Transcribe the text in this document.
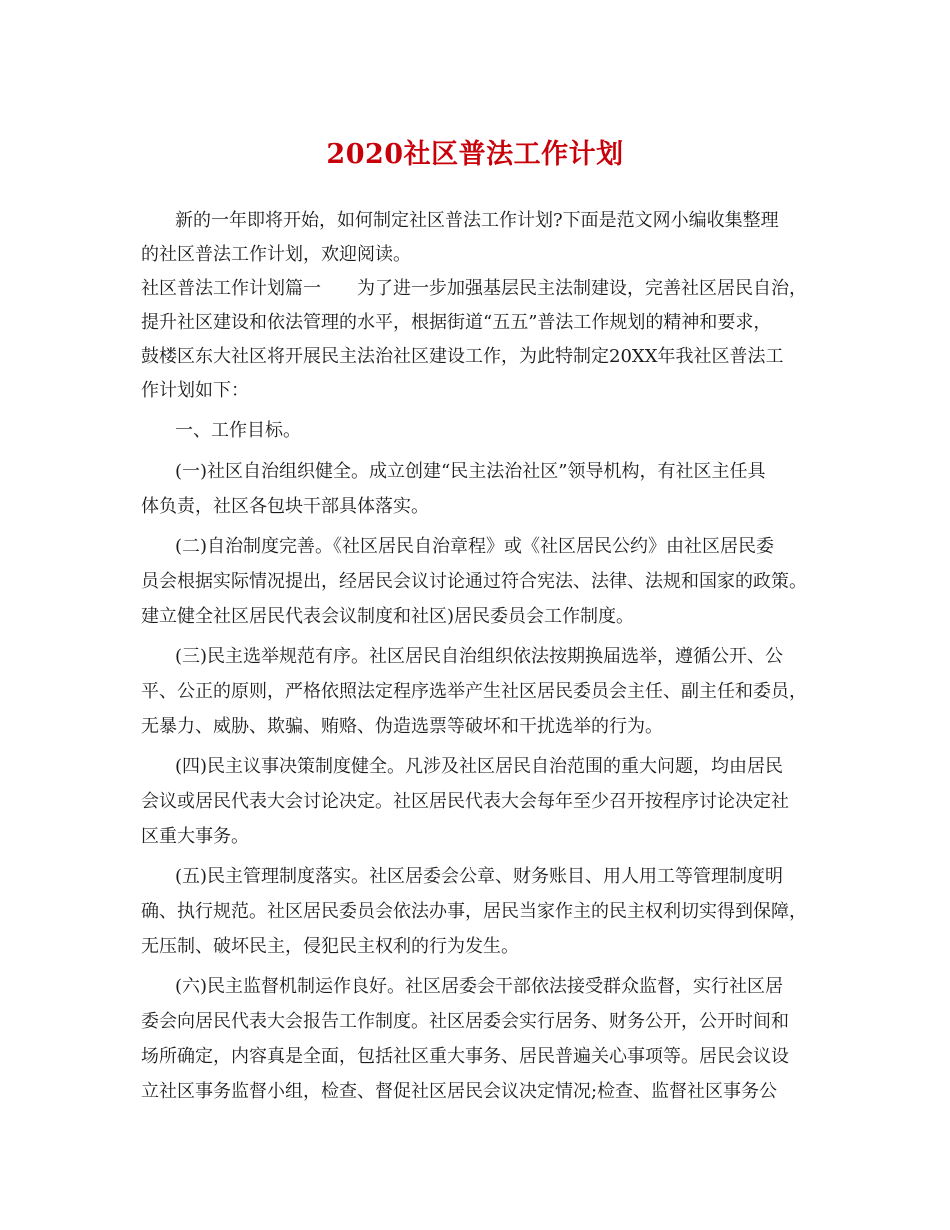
2020社区普法工作计划
新的一年即将开始，如何制定社区普法工作计划?下面是范文网小编收集整理
的社区普法工作计划，欢迎阅读。
社区普法工作计划篇一　　为了进一步加强基层民主法制建设，完善社区居民自治，
提升社区建设和依法管理的水平，根据街道“五五”普法工作规划的精神和要求，
鼓楼区东大社区将开展民主法治社区建设工作，为此特制定20XX年我社区普法工
作计划如下：
一、工作目标。
(一)社区自治组织健全。成立创建“民主法治社区”领导机构，有社区主任具
体负责，社区各包块干部具体落实。
(二)自治制度完善。《社区居民自治章程》或《社区居民公约》由社区居民委
员会根据实际情况提出，经居民会议讨论通过符合宪法、法律、法规和国家的政策。
建立健全社区居民代表会议制度和社区)居民委员会工作制度。
(三)民主选举规范有序。社区居民自治组织依法按期换届选举，遵循公开、公
平、公正的原则，严格依照法定程序选举产生社区居民委员会主任、副主任和委员，
无暴力、威胁、欺骗、贿赂、伪造选票等破坏和干扰选举的行为。
(四)民主议事决策制度健全。凡涉及社区居民自治范围的重大问题，均由居民
会议或居民代表大会讨论决定。社区居民代表大会每年至少召开按程序讨论决定社
区重大事务。
(五)民主管理制度落实。社区居委会公章、财务账目、用人用工等管理制度明
确、执行规范。社区居民委员会依法办事，居民当家作主的民主权利切实得到保障，
无压制、破坏民主，侵犯民主权利的行为发生。
(六)民主监督机制运作良好。社区居委会干部依法接受群众监督，实行社区居
委会向居民代表大会报告工作制度。社区居委会实行居务、财务公开，公开时间和
场所确定，内容真是全面，包括社区重大事务、居民普遍关心事项等。居民会议设
立社区事务监督小组，检查、督促社区居民会议决定情况;检查、监督社区事务公
